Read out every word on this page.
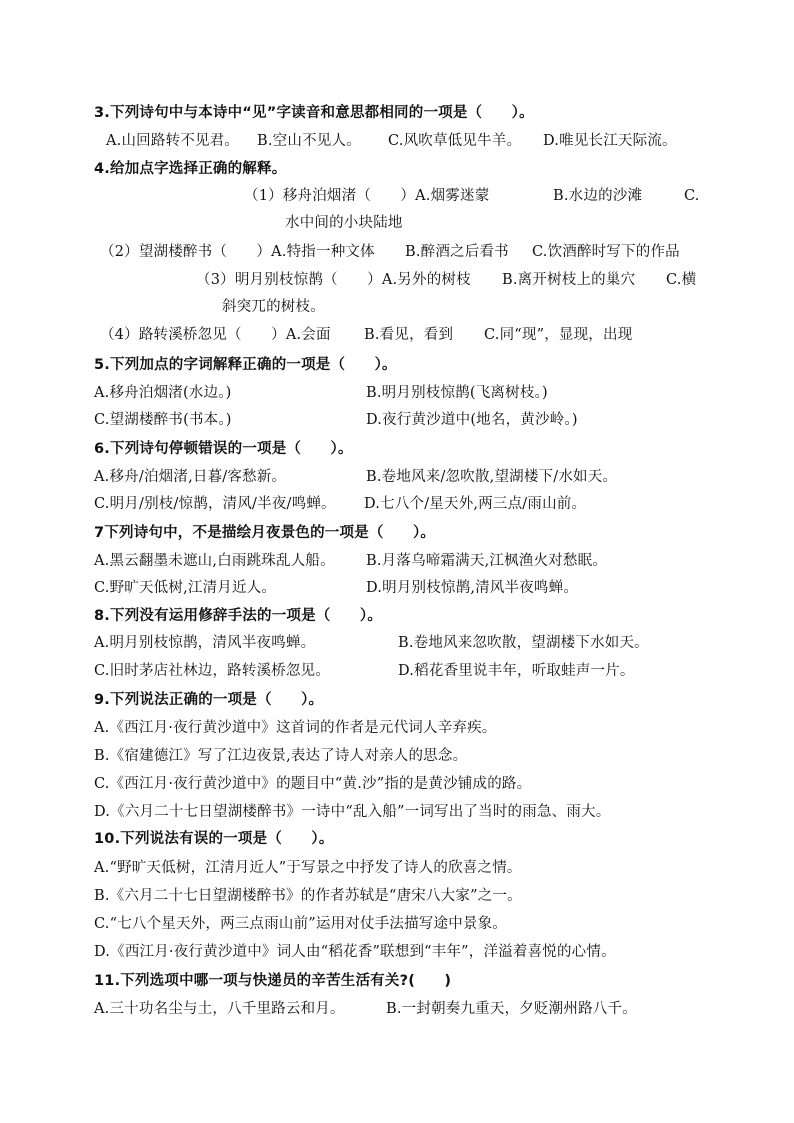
3.下列诗句中与本诗中“见”字读音和意思都相同的一项是（　　）。
A.山回路转不见君。 B.空山不见人。 C.风吹草低见牛羊。 D.唯见长江天际流。
4.给加点字选择正确的解释。
（1）移舟泊烟渚（　　）A.烟雾迷蒙	B.水边的沙滩	C.
水中间的小块陆地
（2）望湖楼醉书（　　）A.特指一种文体 B.醉酒之后看书 C.饮酒醉时写下的作品
（3）明月别枝惊鹊（　　）A.另外的树枝 B.离开树枝上的巢穴 C.横
斜突兀的树枝。
（4）路转溪桥忽见（　　）A.会面 B.看见，看到 C.同“现”，显现，出现
5.下列加点的字词解释正确的一项是（　　）。
A.移舟泊烟渚(水边。)	B.明月别枝惊鹊(飞离树枝。)
C.望湖楼醉书(书本。)	D.夜行黄沙道中(地名，黄沙岭。)
6.下列诗句停顿错误的一项是（　　）。
A.移舟/泊烟渚,日暮/客愁新。	B.卷地风来/忽吹散,望湖楼下/水如天。
C.明月/别枝/惊鹊，清风/半夜/鸣蝉。 D.七八个/星天外,两三点/雨山前。
7下列诗句中，不是描绘月夜景色的一项是（　　）。
A.黑云翻墨未遮山,白雨跳珠乱人船。 B.月落乌啼霜满天,江枫渔火对愁眠。
C.野旷天低树,江清月近人。	D.明月别枝惊鹊,清风半夜鸣蝉。
8.下列没有运用修辞手法的一项是（　　）。
A.明月别枝惊鹊，清风半夜鸣蝉。	B.卷地风来忽吹散，望湖楼下水如天。
C.旧时茅店社林边，路转溪桥忽见。	D.稻花香里说丰年，听取蛙声一片。
9.下列说法正确的一项是（　　）。
A.《西江月·夜行黄沙道中》这首词的作者是元代词人辛弃疾。
B.《宿建德江》写了江边夜景,表达了诗人对亲人的思念。
C.《西江月·夜行黄沙道中》的题目中“黄.沙”指的是黄沙铺成的路。
D.《六月二十七日望湖楼醉书》一诗中“乱入船”一词写出了当时的雨急、雨大。
10.下列说法有误的一项是（　　）。
A.“野旷天低树，江清月近人”于写景之中抒发了诗人的欣喜之情。
B.《六月二十七日望湖楼醉书》的作者苏轼是“唐宋八大家”之一。
C.“七八个星天外，两三点雨山前”运用对仗手法描写途中景象。
D.《西江月·夜行黄沙道中》词人由“稻花香”联想到“丰年”，洋溢着喜悦的心情。
11.下列选项中哪一项与快递员的辛苦生活有关?(　　)
A.三十功名尘与土，八千里路云和月。	B.一封朝奏九重天，夕贬潮州路八千。
